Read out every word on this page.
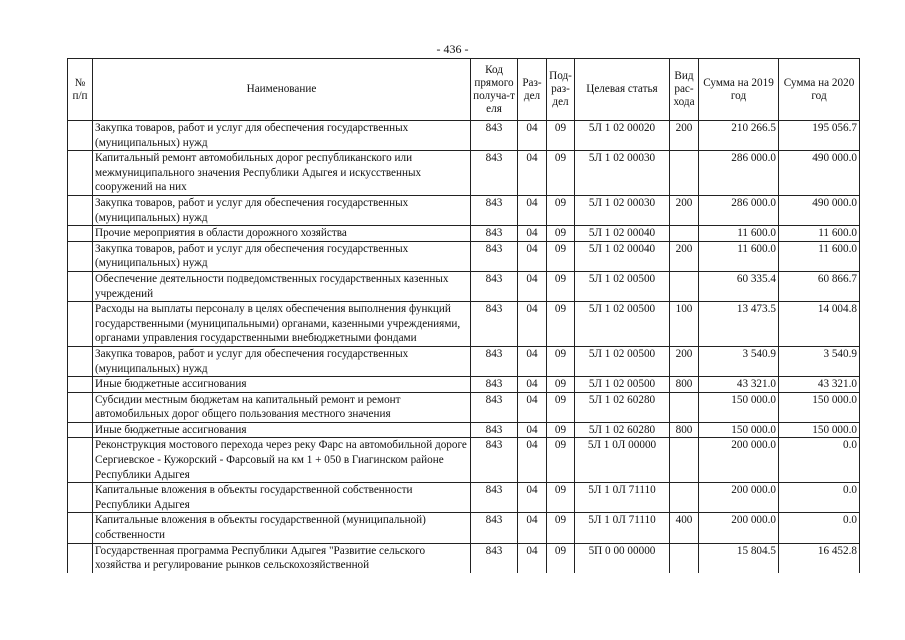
- 436 -
№ п/п	Наименование	Код прямого получа-т еля	Раз-дел	Под-раз-дел	Целевая статья	Вид рас-хода	Сумма на 2019 год	Сумма на 2020 год
	Закупка товаров, работ и услуг для обеспечения государственных (муниципальных) нужд	843	04	09	5Л 1 02 00020	200	210 266.5	195 056.7
	Капитальный ремонт автомобильных дорог республиканского или межмуниципального значения Республики Адыгея и искусственных сооружений на них	843	04	09	5Л 1 02 00030		286 000.0	490 000.0
	Закупка товаров, работ и услуг для обеспечения государственных (муниципальных) нужд	843	04	09	5Л 1 02 00030	200	286 000.0	490 000.0
	Прочие мероприятия в области дорожного хозяйства	843	04	09	5Л 1 02 00040		11 600.0	11 600.0
	Закупка товаров, работ и услуг для обеспечения государственных (муниципальных) нужд	843	04	09	5Л 1 02 00040	200	11 600.0	11 600.0
	Обеспечение деятельности подведомственных государственных казенных учреждений	843	04	09	5Л 1 02 00500		60 335.4	60 866.7
	Расходы на выплаты персоналу в целях обеспечения выполнения функций государственными (муниципальными) органами, казенными учреждениями, органами управления государственными внебюджетными фондами	843	04	09	5Л 1 02 00500	100	13 473.5	14 004.8
	Закупка товаров, работ и услуг для обеспечения государственных (муниципальных) нужд	843	04	09	5Л 1 02 00500	200	3 540.9	3 540.9
	Иные бюджетные ассигнования	843	04	09	5Л 1 02 00500	800	43 321.0	43 321.0
	Субсидии местным бюджетам на капитальный ремонт и ремонт автомобильных дорог общего пользования местного значения	843	04	09	5Л 1 02 60280		150 000.0	150 000.0
	Иные бюджетные ассигнования	843	04	09	5Л 1 02 60280	800	150 000.0	150 000.0
	Реконструкция мостового перехода через реку Фарс на автомобильной дороге Сергиевское - Кужорский - Фарсовый на км 1 + 050 в Гиагинском районе Республики Адыгея	843	04	09	5Л 1 0Л 00000		200 000.0	0.0
	Капитальные вложения в объекты государственной собственности Республики Адыгея	843	04	09	5Л 1 0Л 71110		200 000.0	0.0
	Капитальные вложения в объекты государственной (муниципальной) собственности	843	04	09	5Л 1 0Л 71110	400	200 000.0	0.0
	Государственная программа Республики Адыгея "Развитие сельского хозяйства и регулирование рынков сельскохозяйственной	843	04	09	5П 0 00 00000		15 804.5	16 452.8
